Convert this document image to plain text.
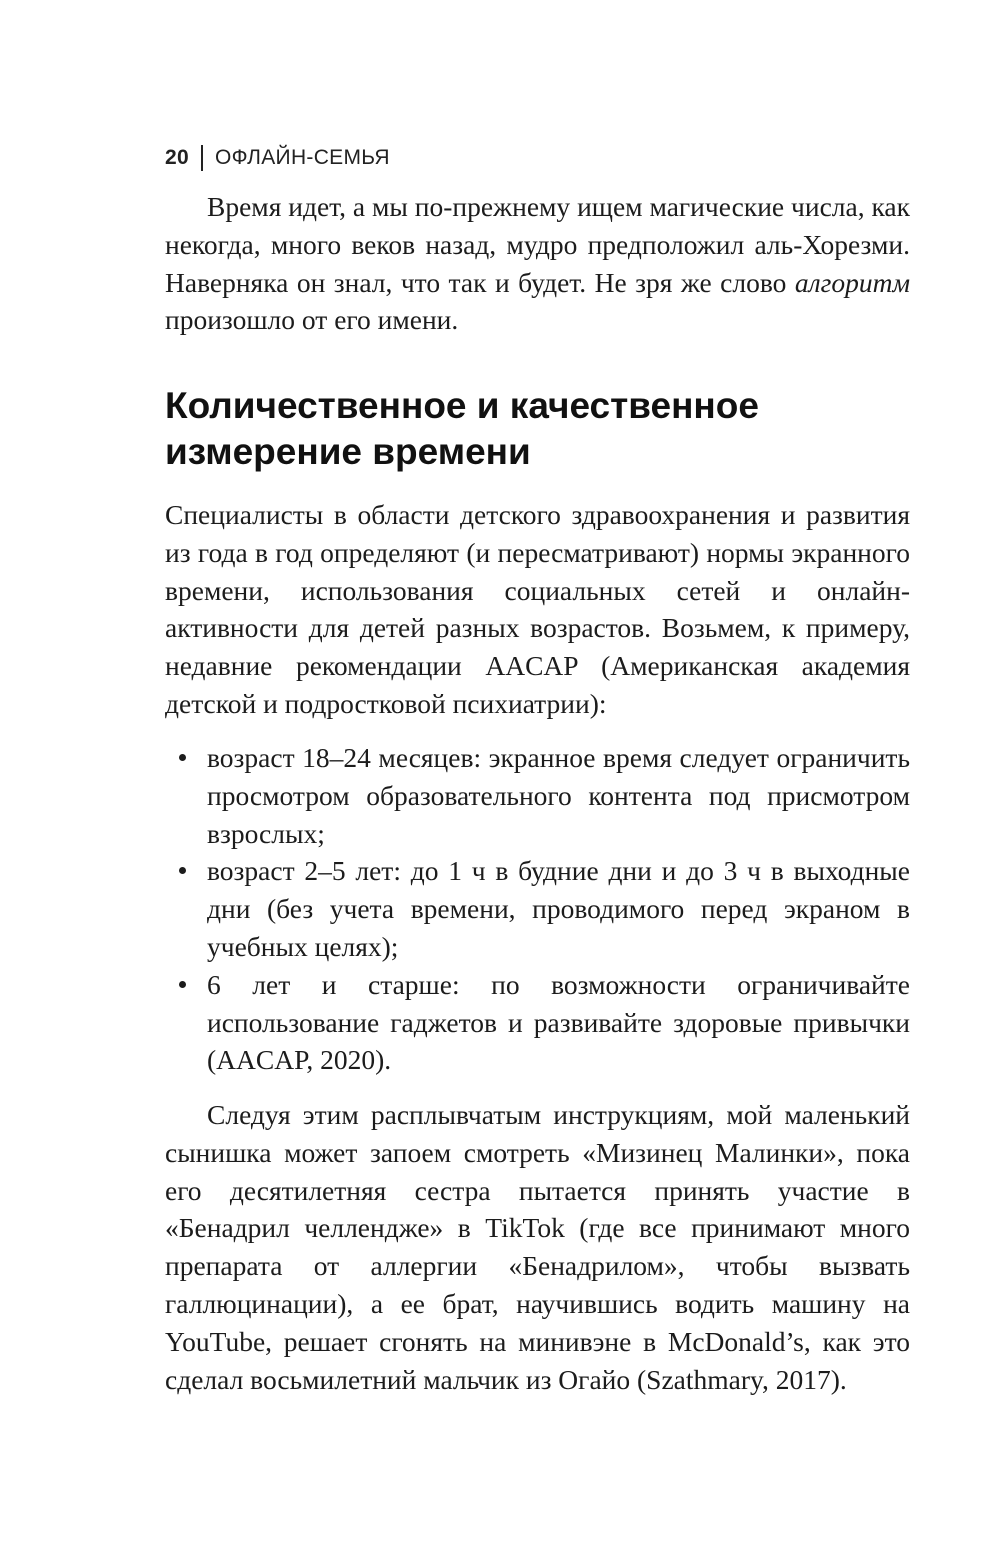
20 ОФЛАЙН-СЕМЬЯ

Время идет, а мы по-прежнему ищем магические числа, как некогда, много веков назад, мудро предположил аль-Хорезми. Наверняка он знал, что так и будет. Не зря же слово алгоритм произошло от его имени.

Количественное и качественное
измерение времени

Специалисты в области детского здравоохранения и развития из года в год определяют (и пересматривают) нормы экранного времени, использования социальных сетей и онлайн-активности для детей разных возрастов. Возьмем, к примеру, недавние рекомендации AACAP (Американская академия детской и подростковой психиатрии):

возраст 18–24 месяцев: экранное время следует ограничить просмотром образовательного контента под присмотром взрослых;
возраст 2–5 лет: до 1 ч в будние дни и до 3 ч в выходные дни (без учета времени, проводимого перед экраном в учебных целях);
6 лет и старше: по возможности ограничивайте использование гаджетов и развивайте здоровые привычки (AACAP, 2020).

Следуя этим расплывчатым инструкциям, мой маленький сынишка может запоем смотреть «Мизинец Малинки», пока его десятилетняя сестра пытается принять участие в «Бенадрил челлендже» в TikTok (где все принимают много препарата от аллергии «Бенадрилом», чтобы вызвать галлюцинации), а ее брат, научившись водить машину на YouTube, решает сгонять на минивэне в McDonald’s, как это сделал восьмилетний мальчик из Огайо (Szathmary, 2017).
